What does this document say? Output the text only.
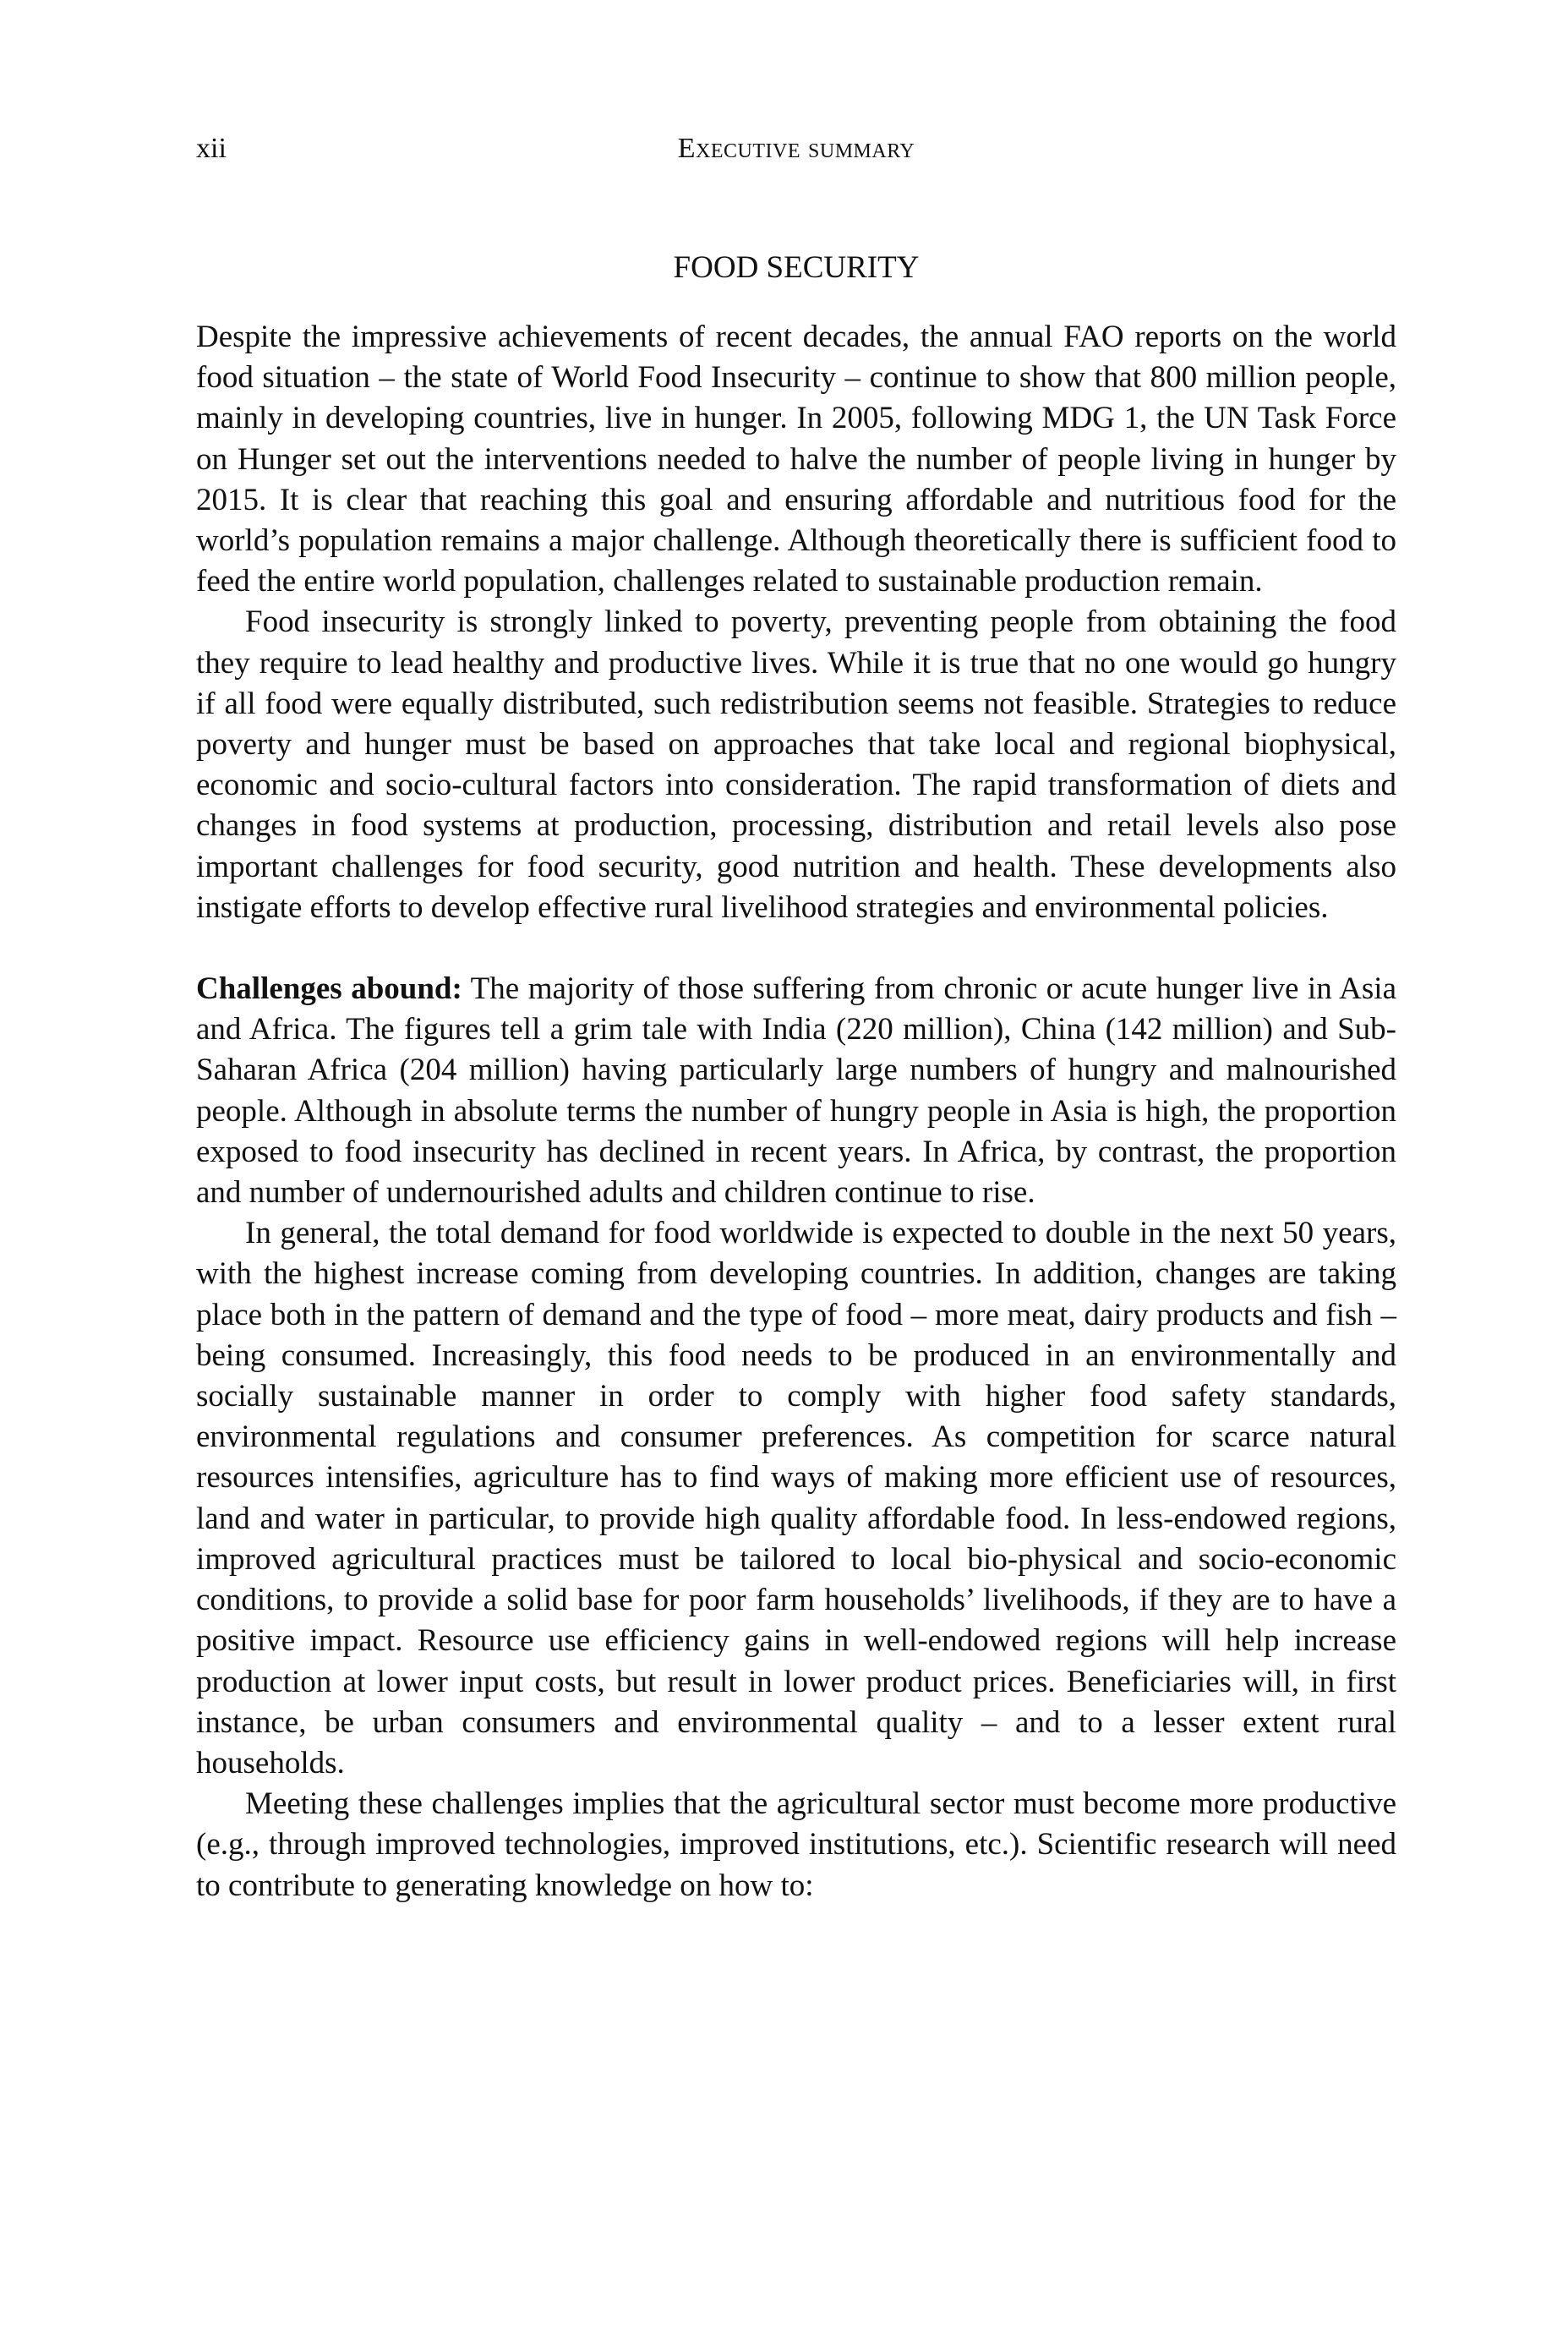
xii	Executive summary
FOOD SECURITY

Despite the impressive achievements of recent decades, the annual FAO reports on the world food situation – the state of World Food Insecurity – continue to show that 800 million people, mainly in developing countries, live in hunger. In 2005, following MDG 1, the UN Task Force on Hunger set out the interventions needed to halve the number of people living in hunger by 2015. It is clear that reaching this goal and ensuring affordable and nutritious food for the world’s population remains a major challenge. Although theoretically there is sufficient food to feed the entire world population, challenges related to sustainable production remain.

Food insecurity is strongly linked to poverty, preventing people from obtaining the food they require to lead healthy and productive lives. While it is true that no one would go hungry if all food were equally distributed, such redistribution seems not feasible. Strategies to reduce poverty and hunger must be based on approaches that take local and regional biophysical, economic and socio-cultural factors into consideration. The rapid transformation of diets and changes in food systems at production, processing, distribution and retail levels also pose important challenges for food security, good nutrition and health. These developments also instigate efforts to develop effective rural livelihood strategies and environmental policies.

Challenges abound: The majority of those suffering from chronic or acute hunger live in Asia and Africa. The figures tell a grim tale with India (220 million), China (142 million) and Sub-Saharan Africa (204 million) having particularly large numbers of hungry and malnourished people. Although in absolute terms the number of hungry people in Asia is high, the proportion exposed to food insecurity has declined in recent years. In Africa, by contrast, the proportion and number of undernourished adults and children continue to rise.

In general, the total demand for food worldwide is expected to double in the next 50 years, with the highest increase coming from developing countries. In addition, changes are taking place both in the pattern of demand and the type of food – more meat, dairy products and fish – being consumed. Increasingly, this food needs to be produced in an environmentally and socially sustainable manner in order to comply with higher food safety standards, environmental regulations and consumer preferences. As competition for scarce natural resources intensifies, agriculture has to find ways of making more efficient use of resources, land and water in particular, to provide high quality affordable food. In less-endowed regions, improved agricultural practices must be tailored to local bio-physical and socio-economic conditions, to provide a solid base for poor farm households’ livelihoods, if they are to have a positive impact. Resource use efficiency gains in well-endowed regions will help increase production at lower input costs, but result in lower product prices. Beneficiaries will, in first instance, be urban consumers and environmental quality – and to a lesser extent rural households.

Meeting these challenges implies that the agricultural sector must become more productive (e.g., through improved technologies, improved institutions, etc.). Scientific research will need to contribute to generating knowledge on how to:
